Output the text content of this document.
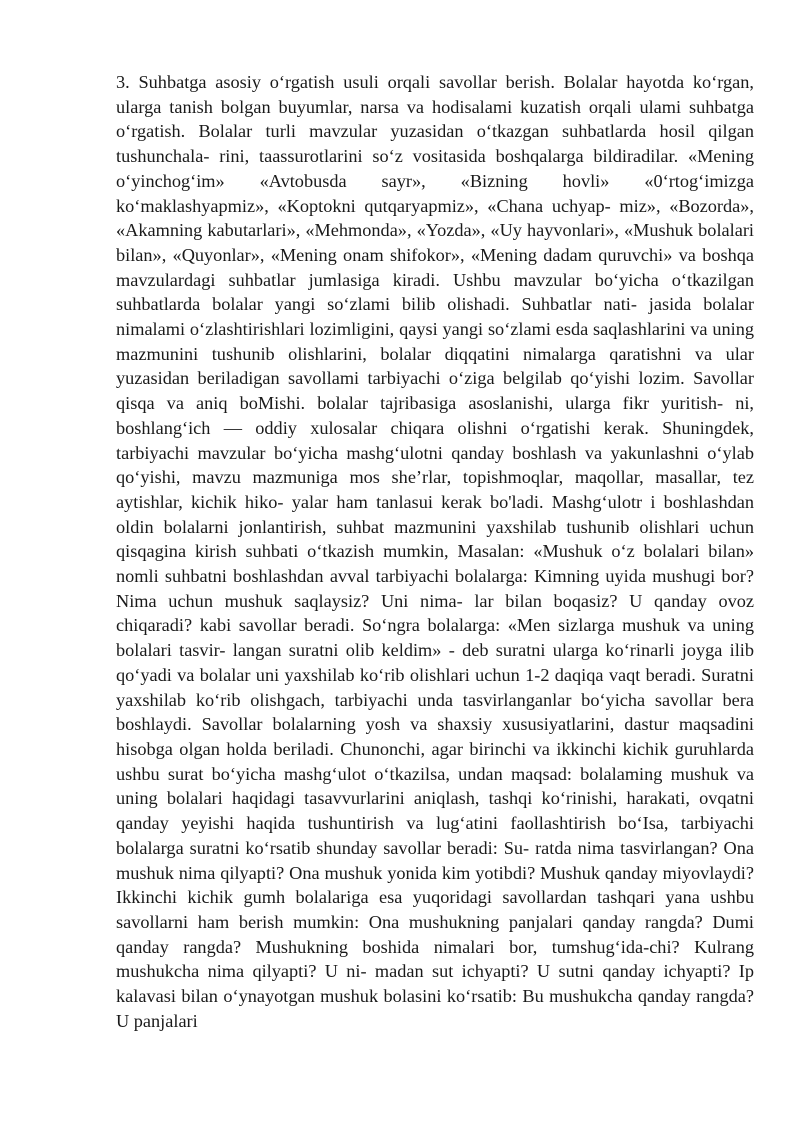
3. Suhbatga asosiy o‘rgatish usuli orqali savollar berish. Bolalar hayotda ko‘rgan, ularga tanish bolgan buyumlar, narsa va hodisalami kuzatish orqali ulami suhbatga o‘rgatish. Bolalar turli mavzular yuzasidan o‘tkazgan suhbatlarda hosil qilgan tushunchala- rini, taassurotlarini so‘z vositasida boshqalarga bildiradilar. «Mening o‘yinchog‘im» «Avtobusda sayr», «Bizning hovli» «0‘rtog‘imizga ko‘maklashyapmiz», «Koptokni qutqaryapmiz», «Chana uchyap- miz», «Bozorda», «Akamning kabutarlari», «Mehmonda», «Yozda», «Uy hayvonlari», «Mushuk bolalari bilan», «Quyonlar», «Mening onam shifokor», «Mening dadam quruvchi» va boshqa mavzulardagi suhbatlar jumlasiga kiradi. Ushbu mavzular bo‘yicha o‘tkazilgan suhbatlarda bolalar yangi so‘zlami bilib olishadi. Suhbatlar nati- jasida bolalar nimalami o‘zlashtirishlari lozimligini, qaysi yangi so‘zlami esda saqlashlarini va uning mazmunini tushunib olishlarini, bolalar diqqatini nimalarga qaratishni va ular yuzasidan beriladigan savollami tarbiyachi o‘ziga belgilab qo‘yishi lozim. Savollar qisqa va aniq boMishi. bolalar tajribasiga asoslanishi, ularga fikr yuritish- ni, boshlang‘ich — oddiy xulosalar chiqara olishni o‘rgatishi kerak. Shuningdek, tarbiyachi mavzular bo‘yicha mashg‘ulotni qanday boshlash va yakunlashni o‘ylab qo‘yishi, mavzu mazmuniga mos she’rlar, topishmoqlar, maqollar, masallar, tez aytishlar, kichik hiko- yalar ham tanlasui kerak bo'ladi. Mashg‘ulotr i boshlashdan oldin bolalarni jonlantirish, suhbat mazmunini yaxshilab tushunib olishlari uchun qisqagina kirish suhbati o‘tkazish mumkin, Masalan: «Mushuk o‘z bolalari bilan» nomli suhbatni boshlashdan avval tarbiyachi bolalarga: Kimning uyida mushugi bor? Nima uchun mushuk saqlaysiz? Uni nima- lar bilan boqasiz? U qanday ovoz chiqaradi? kabi savollar beradi. So‘ngra bolalarga: «Men sizlarga mushuk va uning bolalari tasvir- langan suratni olib keldim» - deb suratni ularga ko‘rinarli joyga ilib qo‘yadi va bolalar uni yaxshilab ko‘rib olishlari uchun 1-2 daqiqa vaqt beradi. Suratni yaxshilab ko‘rib olishgach, tarbiyachi unda tasvirlanganlar bo‘yicha savollar bera boshlaydi. Savollar bolalarning yosh va shaxsiy xususiyatlarini, dastur maqsadini hisobga olgan holda beriladi. Chunonchi, agar birinchi va ikkinchi kichik guruhlarda ushbu surat bo‘yicha mashg‘ulot o‘tkazilsa, undan maqsad: bolalaming mushuk va uning bolalari haqidagi tasavvurlarini aniqlash, tashqi ko‘rinishi, harakati, ovqatni qanday yeyishi haqida tushuntirish va lug‘atini faollashtirish bo‘Isa, tarbiyachi bolalarga suratni ko‘rsatib shunday savollar beradi: Su- ratda nima tasvirlangan? Ona mushuk nima qilyapti? Ona mushuk yonida kim yotibdi? Mushuk qanday miyovlaydi? Ikkinchi kichik gumh bolalariga esa yuqoridagi savollardan tashqari yana ushbu savollarni ham berish mumkin: Ona mushukning panjalari qanday rangda? Dumi qanday rangda? Mushukning boshida nimalari bor, tumshug‘ida-chi? Kulrang mushukcha nima qilyapti? U ni- madan sut ichyapti? U sutni qanday ichyapti? Ip kalavasi bilan o‘ynayotgan mushuk bolasini ko‘rsatib: Bu mushukcha qanday rangda? U panjalari
